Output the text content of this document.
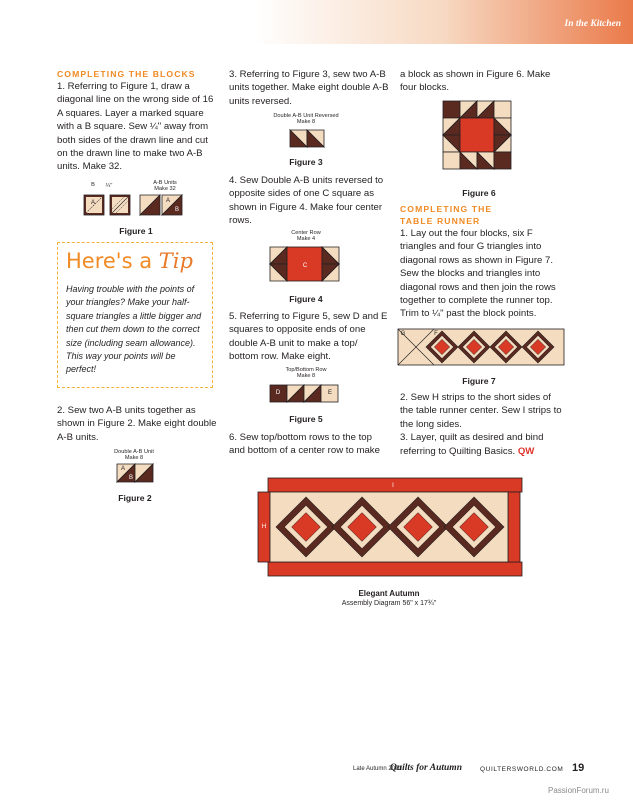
In the Kitchen

COMPLETING THE BLOCKS

1. Referring to Figure 1, draw a diagonal line on the wrong side of 16 A squares. Layer a marked square with a B square. Sew ¼" away from both sides of the drawn line and cut on the drawn line to make two A-B units. Make 32.

B	¼"	A-B Units
Make 32
A	A
B
Figure 1
Here's a Tip
Having trouble with the points of your triangles? Make your half-square triangles a little bigger and then cut them down to the correct size (including seam allowance). This way your points will be perfect!

2. Sew two A-B units together as shown in Figure 2. Make eight double A-B units.

Double A-B Unit
Make 8
A
B
Figure 2

3. Referring to Figure 3, sew two A-B units together. Make eight double A-B units reversed.

Double A-B Unit Reversed
Make 8
Figure 3

4. Sew Double A-B units reversed to opposite sides of one C square as shown in Figure 4. Make four center rows.

Center Row
Make 4
C
Figure 4

5. Referring to Figure 5, sew D and E squares to opposite ends of one double A-B unit to make a top/ bottom row. Make eight.

Top/Bottom Row
Make 8
D	E
Figure 5

6. Sew top/bottom rows to the top and bottom of a center row to make

a block as shown in Figure 6. Make four blocks.

Figure 6

COMPLETING THE TABLE RUNNER

1. Lay out the four blocks, six F triangles and four G triangles into diagonal rows as shown in Figure 7. Sew the blocks and triangles into diagonal rows and then join the rows together to complete the runner top. Trim to ¼" past the block points.

G	F
Figure 7

2. Sew H strips to the short sides of the table runner center. Sew I strips to the long sides.

3. Layer, quilt as desired and bind referring to Quilting Basics. QW

I
H
Elegant Autumn
Assembly Diagram 56" x 17¾"
Late Autumn 2021
Quilts for Autumn	QUILTERSWORLD.COM 19
PassionForum.ru
